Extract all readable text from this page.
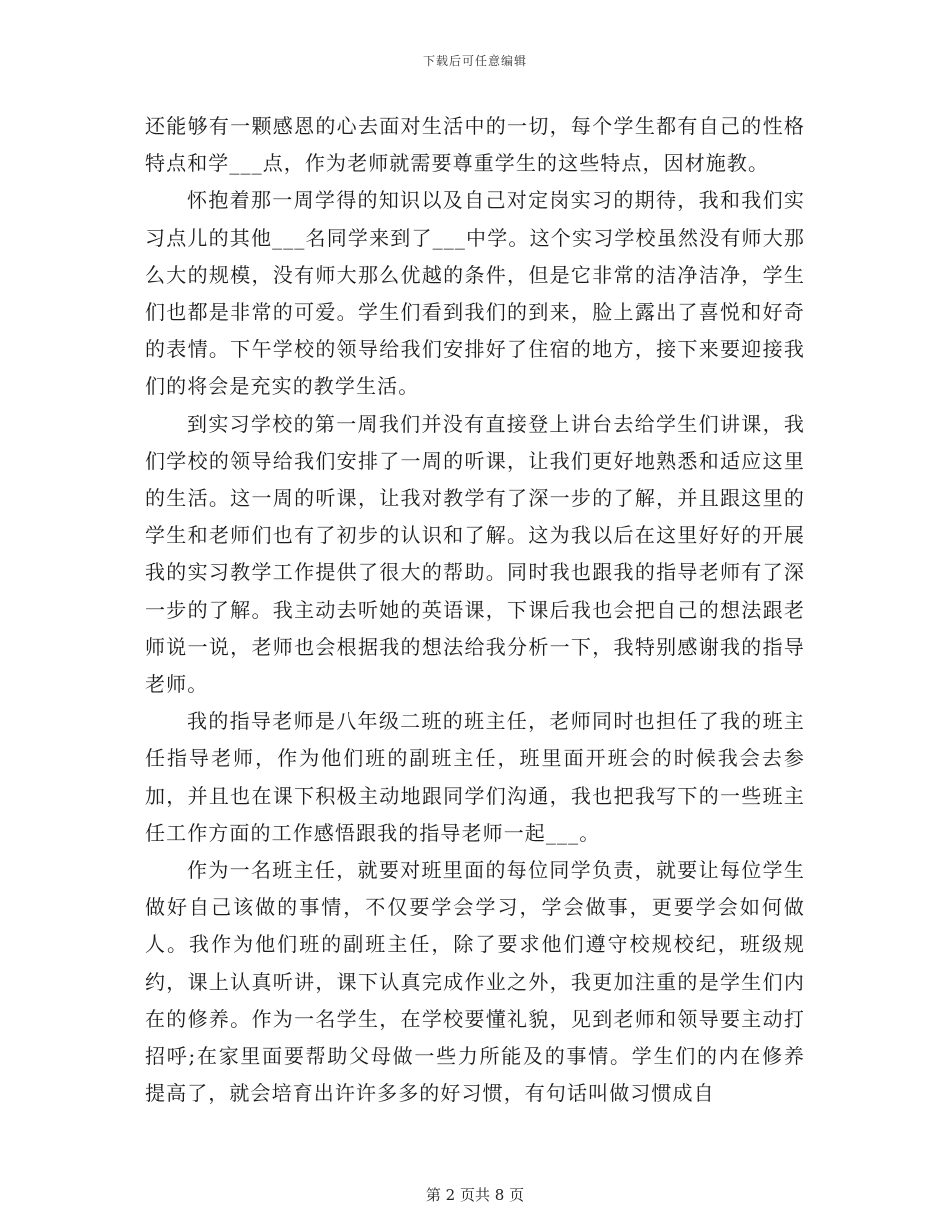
下载后可任意编辑

还能够有一颗感恩的心去面对生活中的一切，每个学生都有自己的性格特点和学___点，作为老师就需要尊重学生的这些特点，因材施教。

怀抱着那一周学得的知识以及自己对定岗实习的期待，我和我们实习点儿的其他___名同学来到了___中学。这个实习学校虽然没有师大那么大的规模，没有师大那么优越的条件，但是它非常的洁净洁净，学生们也都是非常的可爱。学生们看到我们的到来，脸上露出了喜悦和好奇的表情。下午学校的领导给我们安排好了住宿的地方，接下来要迎接我们的将会是充实的教学生活。

到实习学校的第一周我们并没有直接登上讲台去给学生们讲课，我们学校的领导给我们安排了一周的听课，让我们更好地熟悉和适应这里的生活。这一周的听课，让我对教学有了深一步的了解，并且跟这里的学生和老师们也有了初步的认识和了解。这为我以后在这里好好的开展我的实习教学工作提供了很大的帮助。同时我也跟我的指导老师有了深一步的了解。我主动去听她的英语课，下课后我也会把自己的想法跟老师说一说，老师也会根据我的想法给我分析一下，我特别感谢我的指导老师。

我的指导老师是八年级二班的班主任，老师同时也担任了我的班主任指导老师，作为他们班的副班主任，班里面开班会的时候我会去参加，并且也在课下积极主动地跟同学们沟通，我也把我写下的一些班主任工作方面的工作感悟跟我的指导老师一起___。

作为一名班主任，就要对班里面的每位同学负责，就要让每位学生做好自己该做的事情，不仅要学会学习，学会做事，更要学会如何做人。我作为他们班的副班主任，除了要求他们遵守校规校纪，班级规约，课上认真听讲，课下认真完成作业之外，我更加注重的是学生们内在的修养。作为一名学生，在学校要懂礼貌，见到老师和领导要主动打招呼;在家里面要帮助父母做一些力所能及的事情。学生们的内在修养提高了，就会培育出许许多多的好习惯，有句话叫做习惯成自

第 2 页共 8 页
